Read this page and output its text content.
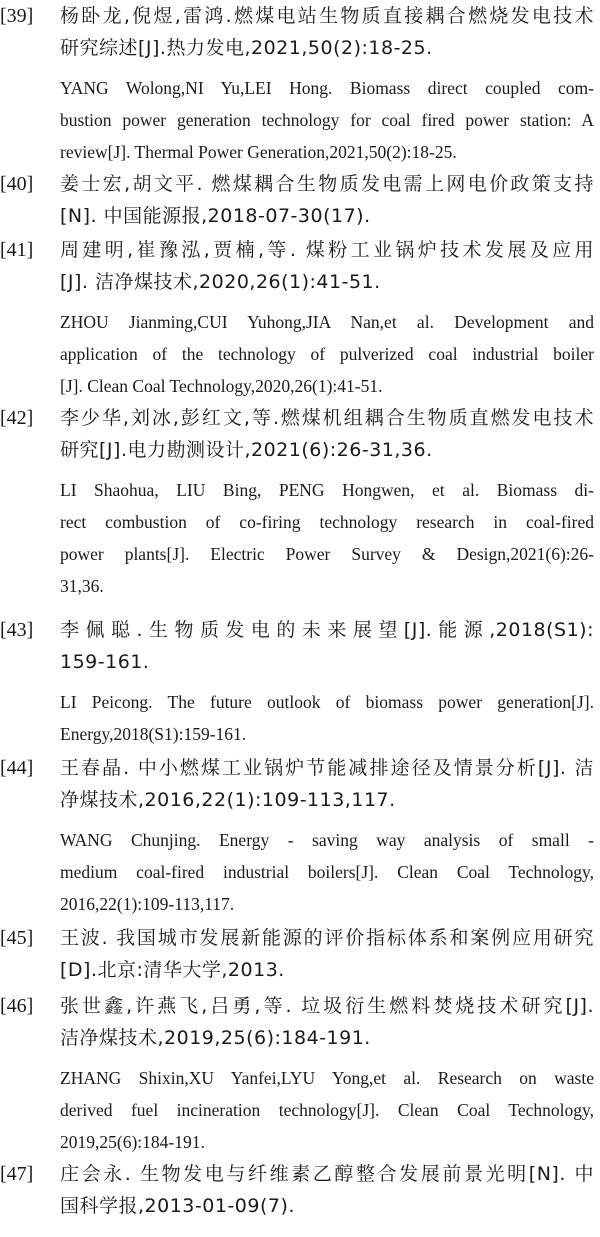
[39]	杨卧龙,倪煜,雷鸿.燃煤电站生物质直接耦合燃烧发电技术
研究综述[J].热力发电,2021,50(2):18-25.
YANG Wolong,NI Yu,LEI Hong. Biomass direct coupled com-
bustion power generation technology for coal fired power station: A
review[J]. Thermal Power Generation,2021,50(2):18-25.
[40]	姜士宏,胡文平. 燃煤耦合生物质发电需上网电价政策支持
[N]. 中国能源报,2018-07-30(17).
[41]	周建明,崔豫泓,贾楠,等. 煤粉工业锅炉技术发展及应用
[J]. 洁净煤技术,2020,26(1):41-51.
ZHOU Jianming,CUI Yuhong,JIA Nan,et al. Development and
application of the technology of pulverized coal industrial boiler
[J]. Clean Coal Technology,2020,26(1):41-51.
[42]	李少华,刘冰,彭红文,等.燃煤机组耦合生物质直燃发电技术
研究[J].电力勘测设计,2021(6):26-31,36.
LI Shaohua, LIU Bing, PENG Hongwen, et al. Biomass di-
rect combustion of co-firing technology research in coal-fired
power plants[J]. Electric Power Survey & Design,2021(6):26-
31,36.
[43]	李佩聪.生物质发电的未来展望[J].能源,2018(S1):
159-161.
LI Peicong. The future outlook of biomass power generation[J].
Energy,2018(S1):159-161.
[44]	王春晶. 中小燃煤工业锅炉节能减排途径及情景分析[J]. 洁
净煤技术,2016,22(1):109-113,117.
WANG Chunjing. Energy - saving way analysis of small -
medium coal-fired industrial boilers[J]. Clean Coal Technology,
2016,22(1):109-113,117.
[45]	王波. 我国城市发展新能源的评价指标体系和案例应用研究
[D].北京:清华大学,2013.
[46]	张世鑫,许燕飞,吕勇,等. 垃圾衍生燃料焚烧技术研究[J].
洁净煤技术,2019,25(6):184-191.
ZHANG Shixin,XU Yanfei,LYU Yong,et al. Research on waste
derived fuel incineration technology[J]. Clean Coal Technology,
2019,25(6):184-191.
[47]	庄会永. 生物发电与纤维素乙醇整合发展前景光明[N]. 中
国科学报,2013-01-09(7).
